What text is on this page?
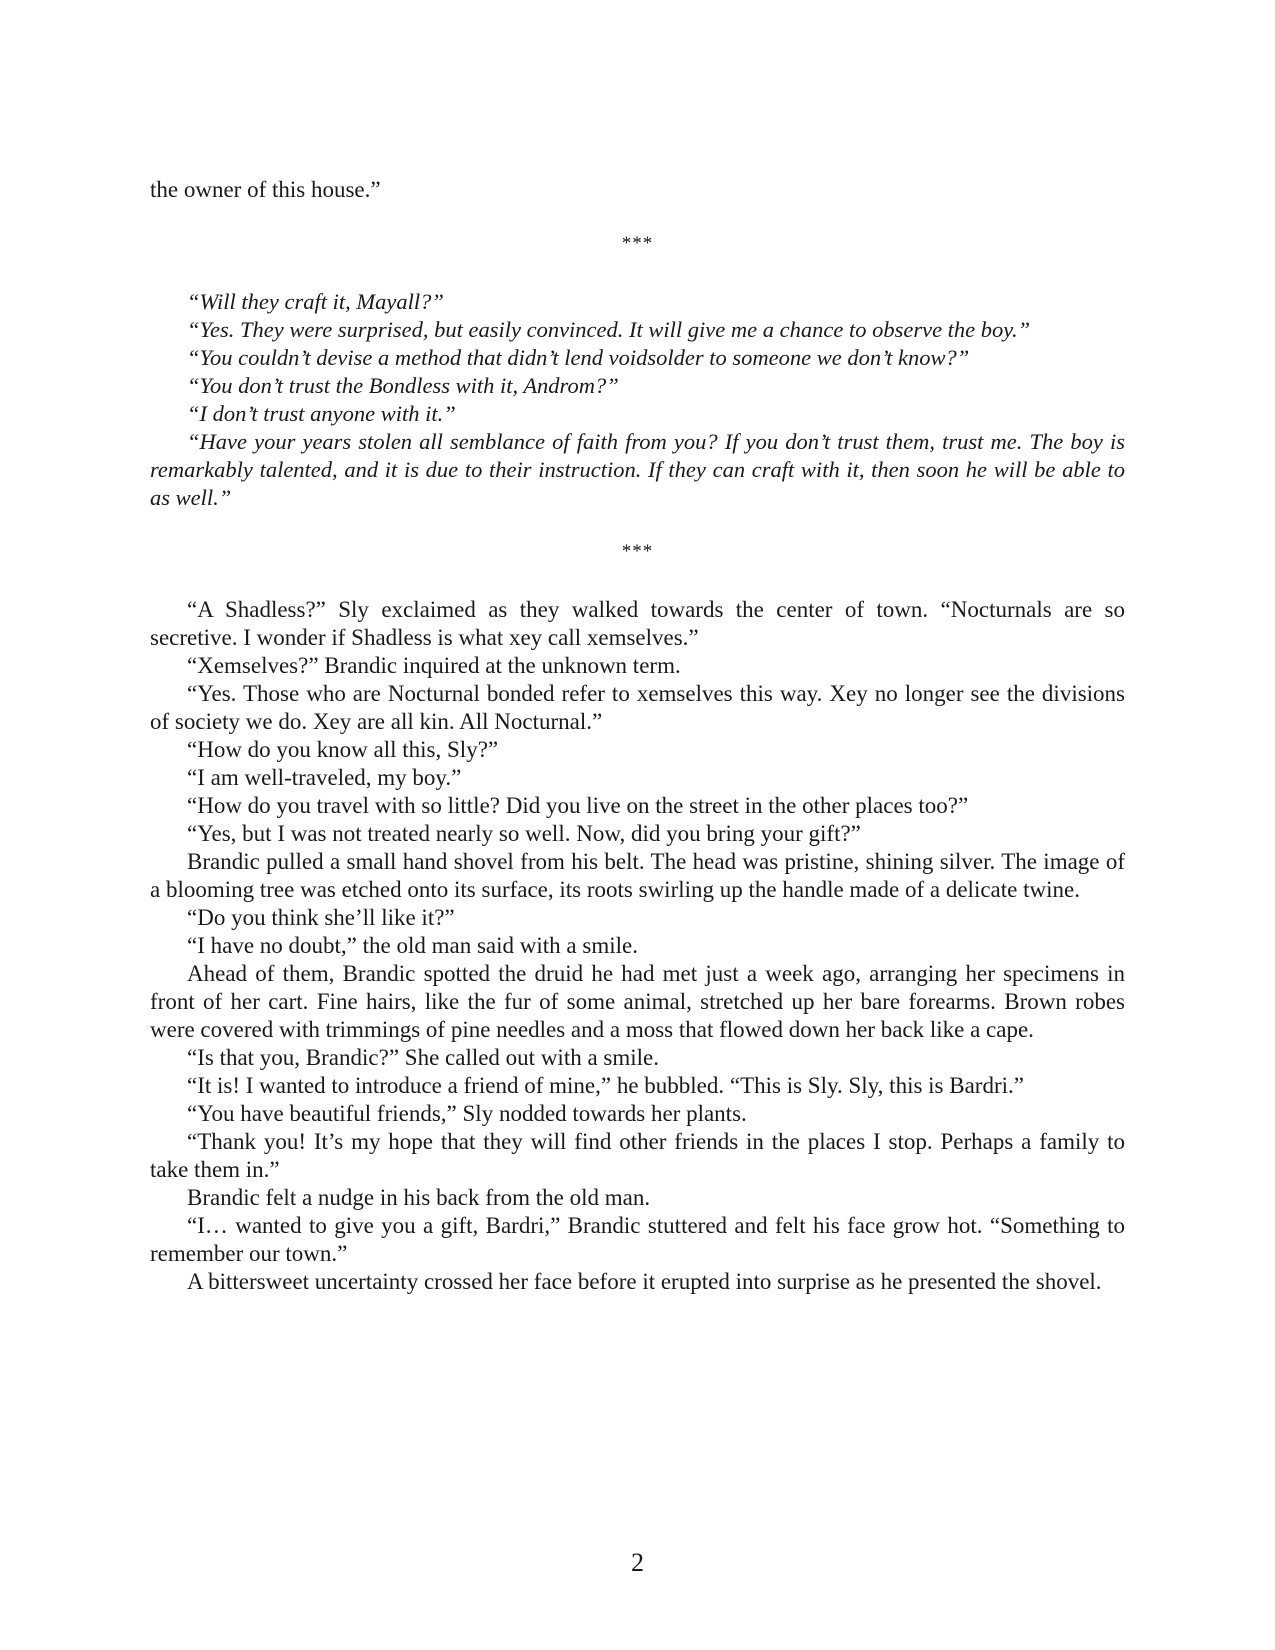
the owner of this house.”

***

“Will they craft it, Mayall?”

“Yes. They were surprised, but easily convinced. It will give me a chance to observe the boy.”

“You couldn’t devise a method that didn’t lend voidsolder to someone we don’t know?”

“You don’t trust the Bondless with it, Androm?”

“I don’t trust anyone with it.”

“Have your years stolen all semblance of faith from you? If you don’t trust them, trust me. The boy is remarkably talented, and it is due to their instruction. If they can craft with it, then soon he will be able to as well.”

***

“A Shadless?” Sly exclaimed as they walked towards the center of town. “Nocturnals are so secretive. I wonder if Shadless is what xey call xemselves.”

“Xemselves?” Brandic inquired at the unknown term.

“Yes. Those who are Nocturnal bonded refer to xemselves this way. Xey no longer see the divisions of society we do. Xey are all kin. All Nocturnal.”

“How do you know all this, Sly?”

“I am well-traveled, my boy.”

“How do you travel with so little? Did you live on the street in the other places too?”

“Yes, but I was not treated nearly so well. Now, did you bring your gift?”

Brandic pulled a small hand shovel from his belt. The head was pristine, shining silver. The image of a blooming tree was etched onto its surface, its roots swirling up the handle made of a delicate twine.

“Do you think she’ll like it?”

“I have no doubt,” the old man said with a smile.

Ahead of them, Brandic spotted the druid he had met just a week ago, arranging her specimens in front of her cart. Fine hairs, like the fur of some animal, stretched up her bare forearms. Brown robes were covered with trimmings of pine needles and a moss that flowed down her back like a cape.

“Is that you, Brandic?” She called out with a smile.

“It is! I wanted to introduce a friend of mine,” he bubbled. “This is Sly. Sly, this is Bardri.”

“You have beautiful friends,” Sly nodded towards her plants.

“Thank you! It’s my hope that they will find other friends in the places I stop. Perhaps a family to take them in.”

Brandic felt a nudge in his back from the old man.

“I… wanted to give you a gift, Bardri,” Brandic stuttered and felt his face grow hot. “Something to remember our town.”

A bittersweet uncertainty crossed her face before it erupted into surprise as he presented the shovel.

2
